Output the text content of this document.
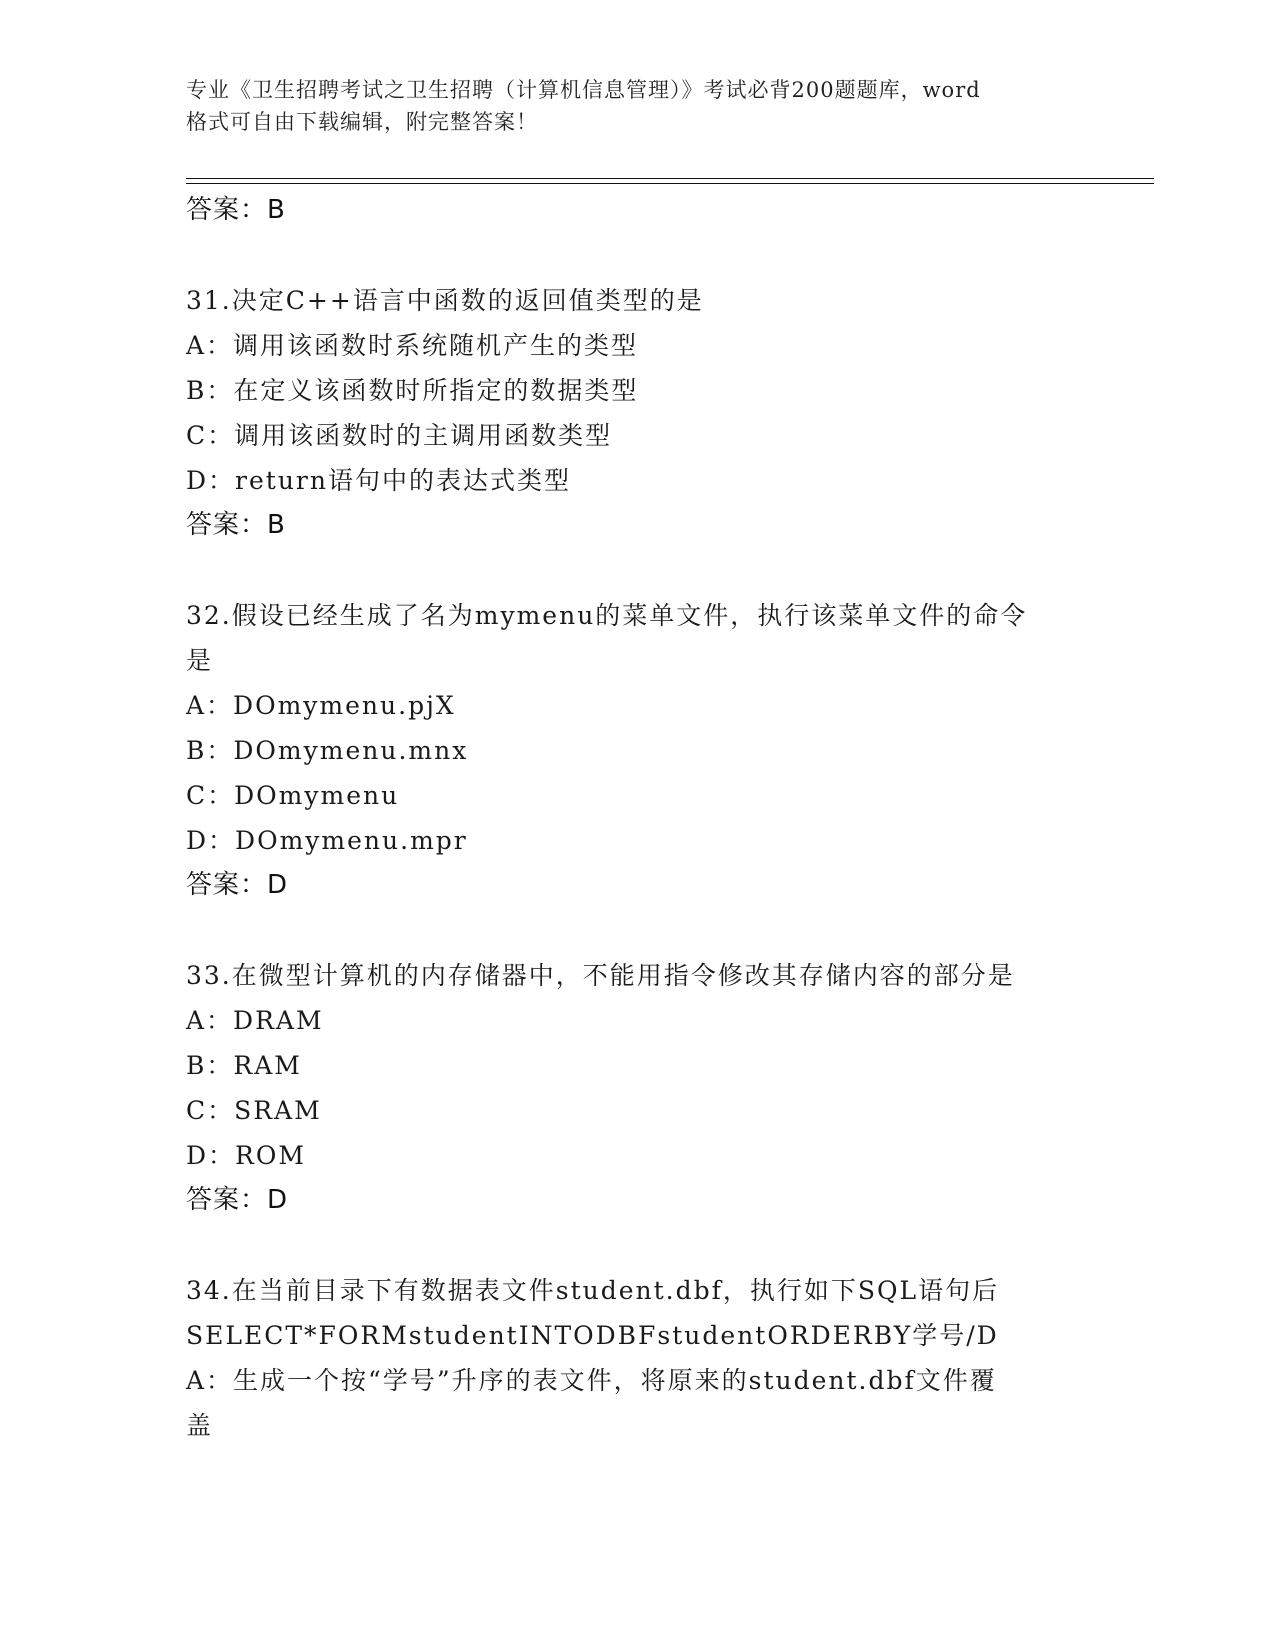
专业《卫生招聘考试之卫生招聘（计算机信息管理）》考试必背200题题库，word
格式可自由下载编辑，附完整答案！
答案：B
31.决定C++语言中函数的返回值类型的是
A：调用该函数时系统随机产生的类型
B：在定义该函数时所指定的数据类型
C：调用该函数时的主调用函数类型
D：return语句中的表达式类型
答案：B
32.假设已经生成了名为mymenu的菜单文件，执行该菜单文件的命令
是
A：DOmymenu.pjX
B：DOmymenu.mnx
C：DOmymenu
D：DOmymenu.mpr
答案：D
33.在微型计算机的内存储器中，不能用指令修改其存储内容的部分是
A：DRAM
B：RAM
C：SRAM
D：ROM
答案：D
34.在当前目录下有数据表文件student.dbf，执行如下SQL语句后
SELECT*FORMstudentINTODBFstudentORDERBY学号/D
A：生成一个按“学号”升序的表文件，将原来的student.dbf文件覆
盖
